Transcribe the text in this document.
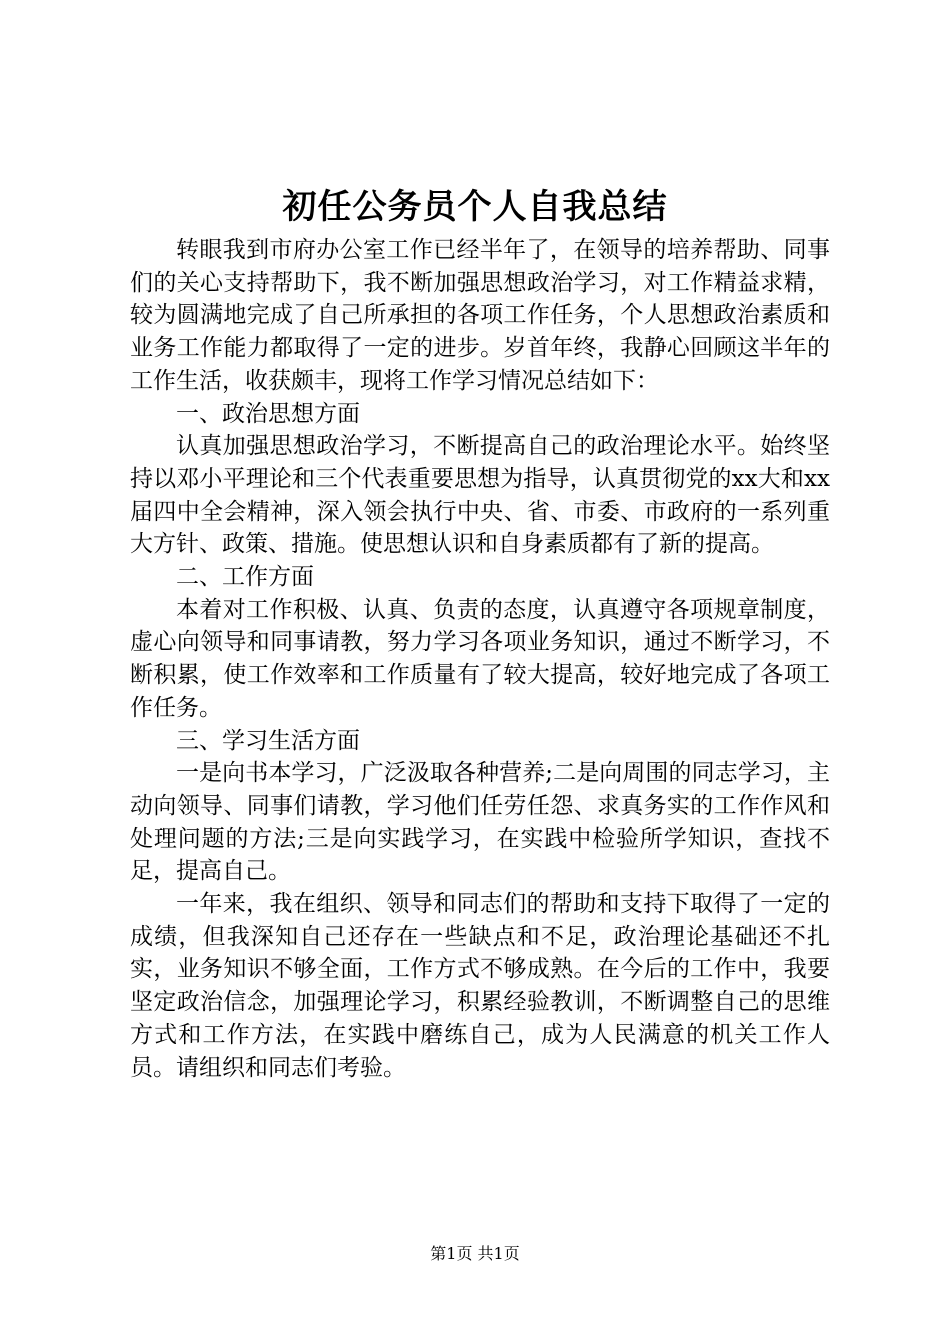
初任公务员个人自我总结

转眼我到市府办公室工作已经半年了，在领导的培养帮助、同事们的关心支持帮助下，我不断加强思想政治学习，对工作精益求精，较为圆满地完成了自己所承担的各项工作任务，个人思想政治素质和业务工作能力都取得了一定的进步。岁首年终，我静心回顾这半年的工作生活，收获颇丰，现将工作学习情况总结如下：

一、政治思想方面

认真加强思想政治学习，不断提高自己的政治理论水平。始终坚持以邓小平理论和三个代表重要思想为指导，认真贯彻党的xx大和xx届四中全会精神，深入领会执行中央、省、市委、市政府的一系列重大方针、政策、措施。使思想认识和自身素质都有了新的提高。

二、工作方面

本着对工作积极、认真、负责的态度，认真遵守各项规章制度，虚心向领导和同事请教，努力学习各项业务知识，通过不断学习，不断积累，使工作效率和工作质量有了较大提高，较好地完成了各项工作任务。

三、学习生活方面

一是向书本学习，广泛汲取各种营养;二是向周围的同志学习，主动向领导、同事们请教，学习他们任劳任怨、求真务实的工作作风和处理问题的方法;三是向实践学习，在实践中检验所学知识，查找不足，提高自己。

一年来，我在组织、领导和同志们的帮助和支持下取得了一定的成绩，但我深知自己还存在一些缺点和不足，政治理论基础还不扎实，业务知识不够全面，工作方式不够成熟。在今后的工作中，我要坚定政治信念，加强理论学习，积累经验教训，不断调整自己的思维方式和工作方法，在实践中磨练自己，成为人民满意的机关工作人员。请组织和同志们考验。

第1页 共1页
